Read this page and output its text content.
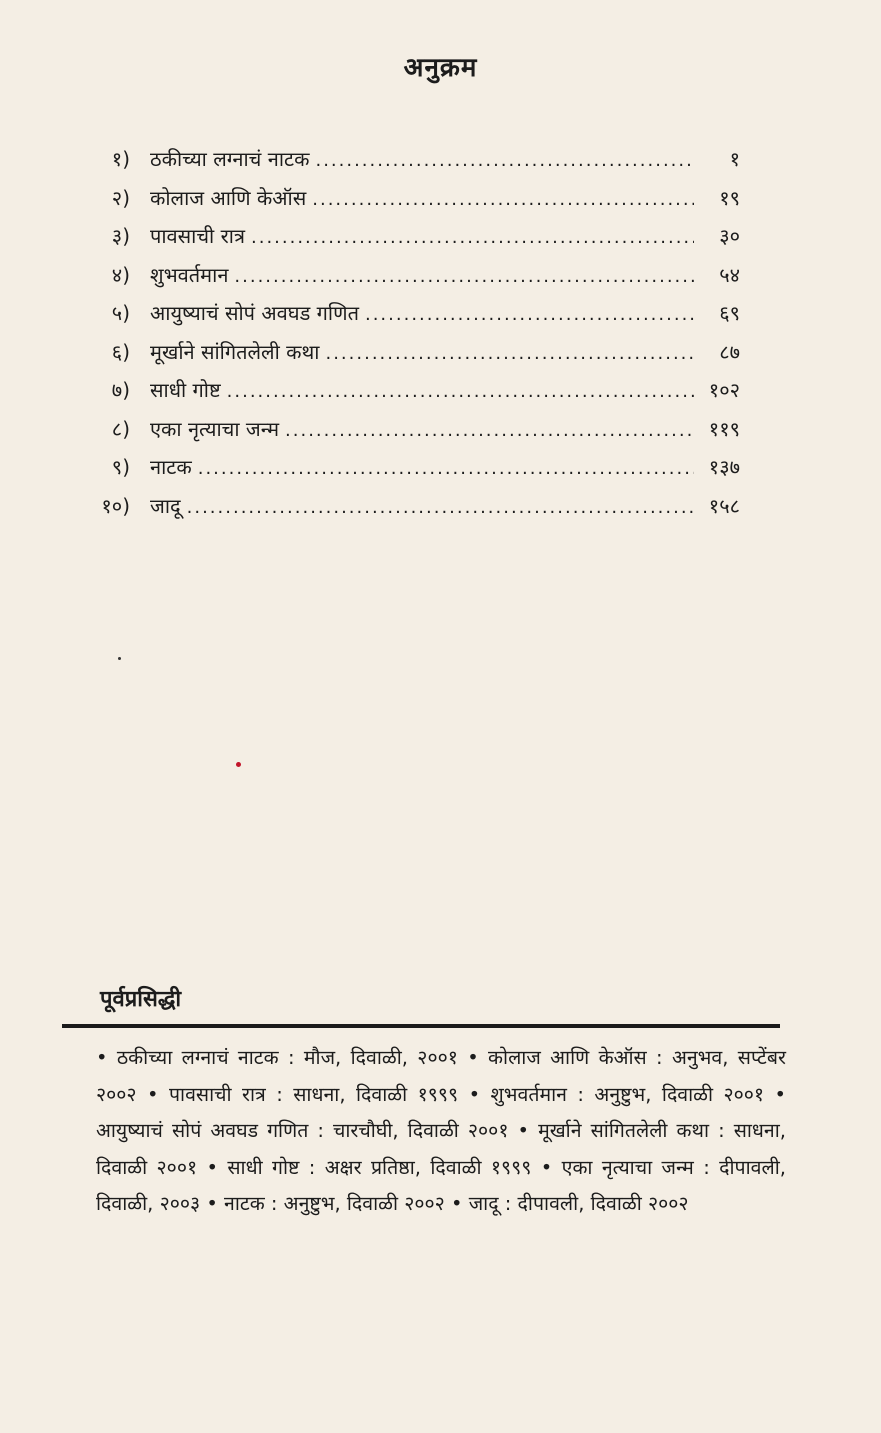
अनुक्रम
१)	ठकीच्या लग्नाचं नाटक .....	१
२)	कोलाज आणि केऑस .....	१९
३)	पावसाची रात्र .....	३०
४)	शुभवर्तमान .....	५४
५)	आयुष्याचं सोपं अवघड गणित .....	६९
६)	मूर्खाने सांगितलेली कथा .....	८७
७)	साधी गोष्ट .....	१०२
८)	एका नृत्याचा जन्म .....	११९
९)	नाटक .....	१३७
१०)	जादू .....	१५८
पूर्वप्रसिद्धी
• ठकीच्या लग्नाचं नाटक : मौज, दिवाळी, २००१ • कोलाज आणि केऑस : अनुभव, सप्टेंबर २००२ • पावसाची रात्र : साधना, दिवाळी १९९९ • शुभवर्तमान : अनुष्टुभ, दिवाळी २००१ • आयुष्याचं सोपं अवघड गणित : चारचौघी, दिवाळी २००१ • मूर्खाने सांगितलेली कथा : साधना, दिवाळी २००१ • साधी गोष्ट : अक्षर प्रतिष्ठा, दिवाळी १९९९ • एका नृत्याचा जन्म : दीपावली, दिवाळी, २००३ • नाटक : अनुष्टुभ, दिवाळी २००२ • जादू : दीपावली, दिवाळी २००२
